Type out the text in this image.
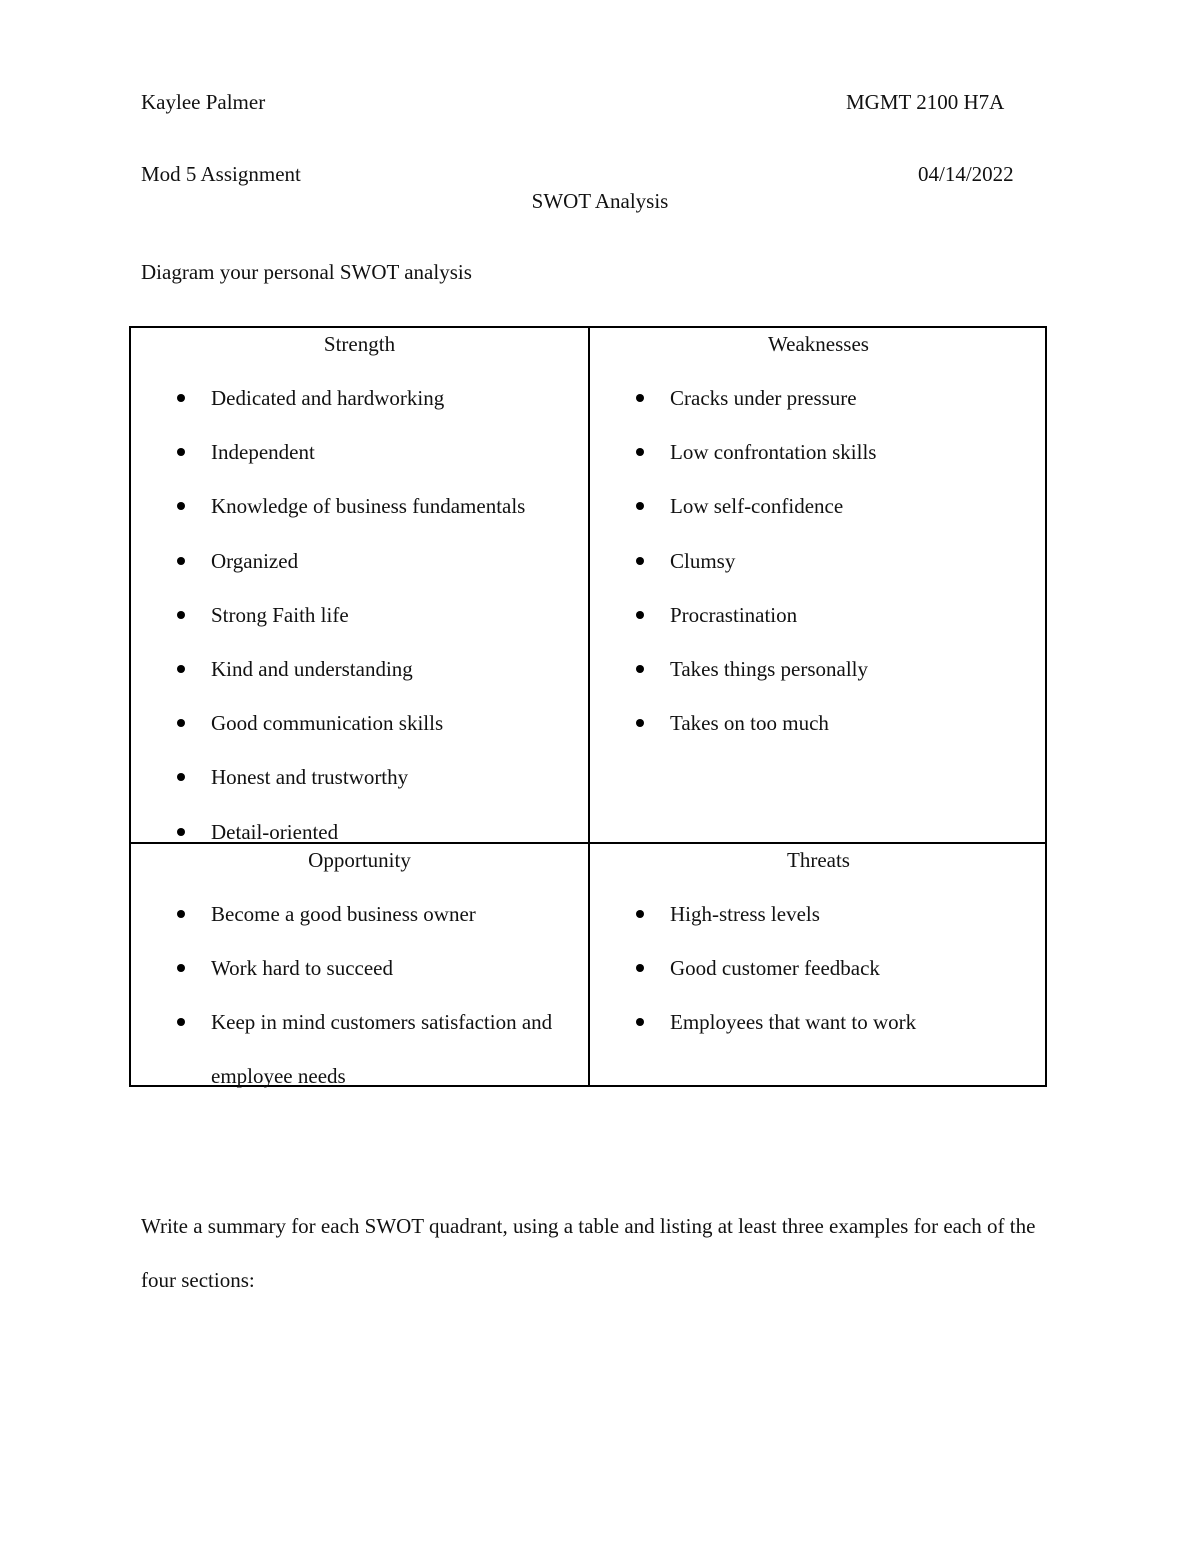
Kaylee Palmer	MGMT 2100 H7A
Mod 5 Assignment	04/14/2022
SWOT Analysis
Diagram your personal SWOT analysis
Strength
Dedicated and hardworking
Independent
Knowledge of business fundamentals
Organized
Strong Faith life
Kind and understanding
Good communication skills
Honest and trustworthy
Detail-oriented
Weaknesses
Cracks under pressure
Low confrontation skills
Low self-confidence
Clumsy
Procrastination
Takes things personally
Takes on too much
Opportunity
Become a good business owner
Work hard to succeed
Keep in mind customers satisfaction and employee needs
Threats
High-stress levels
Good customer feedback
Employees that want to work
Write a summary for each SWOT quadrant, using a table and listing at least three examples for each of the four sections:
